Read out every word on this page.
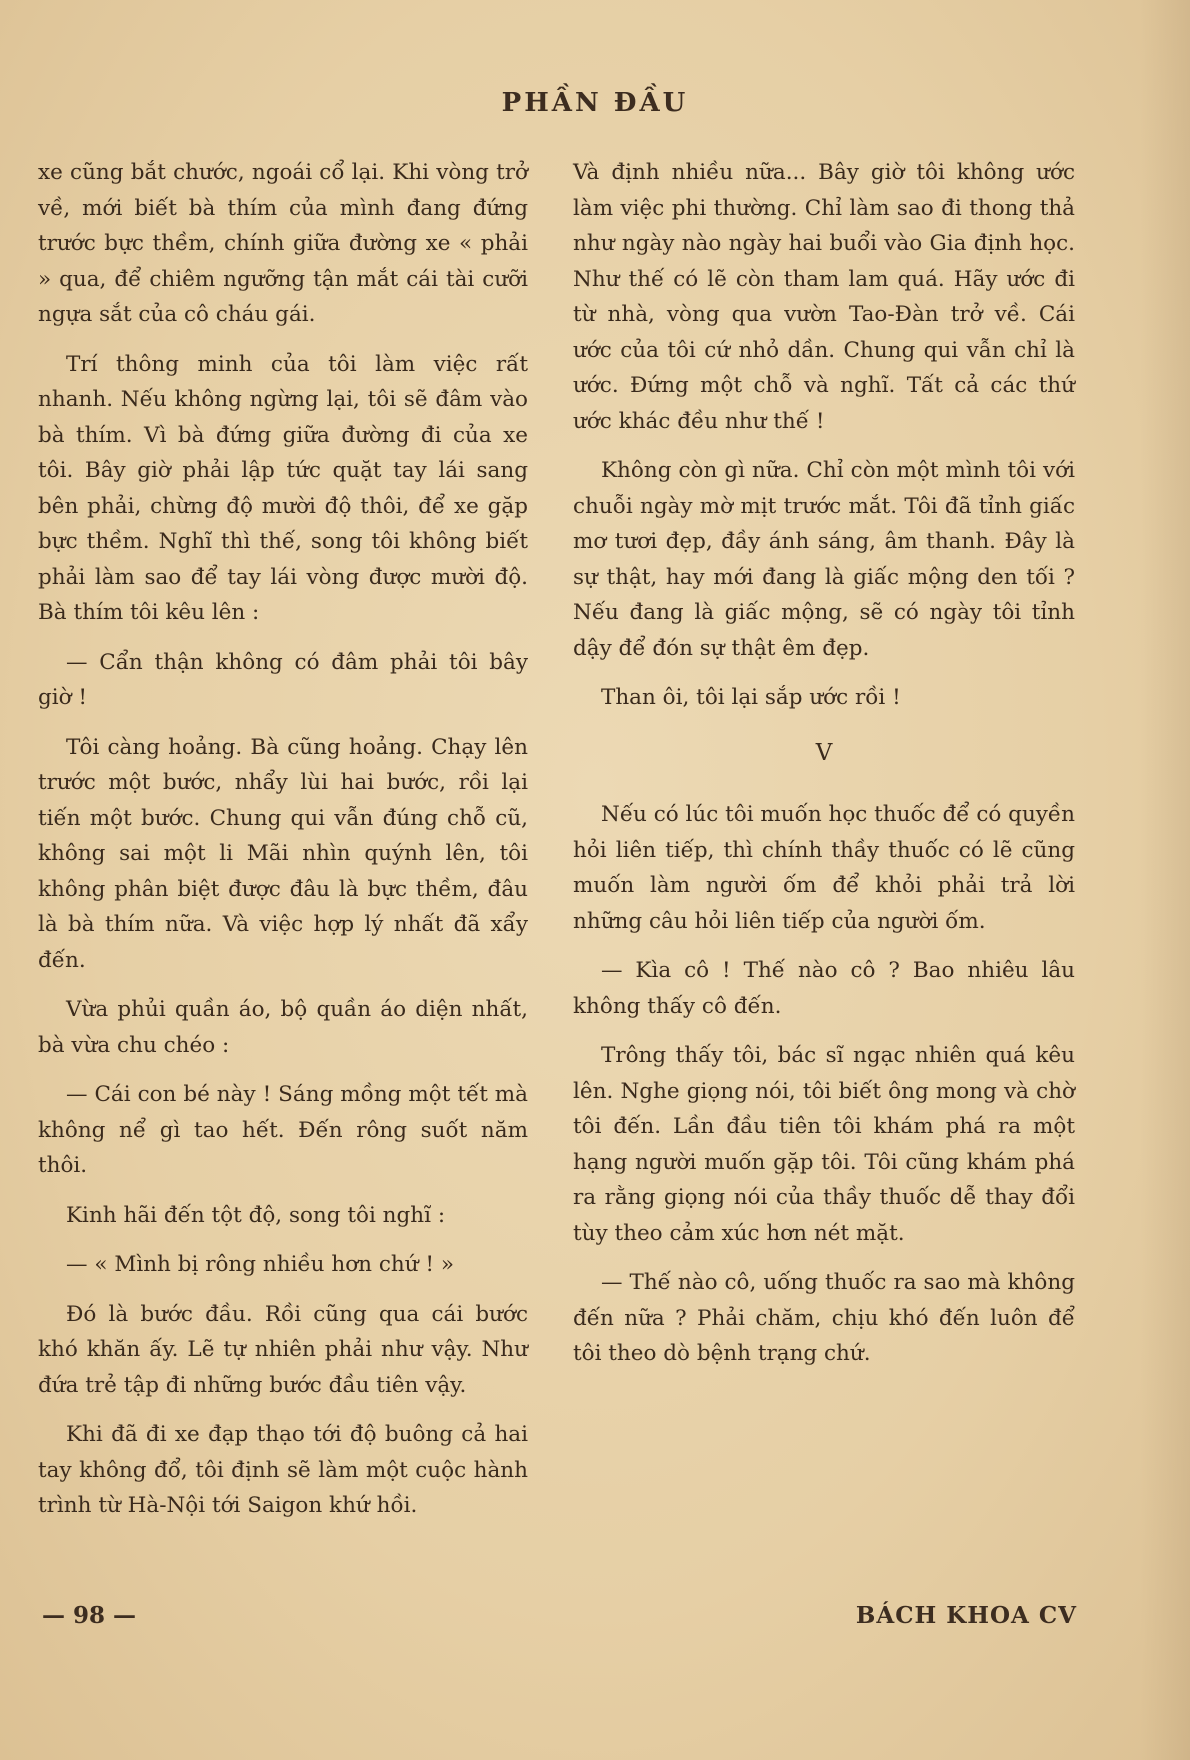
PHẦN ĐẦU

xe cũng bắt chước, ngoái cổ lại. Khi vòng trở về, mới biết bà thím của mình đang đứng trước bực thềm, chính giữa đường xe « phải » qua, để chiêm ngưỡng tận mắt cái tài cưỡi ngựa sắt của cô cháu gái.

Trí thông minh của tôi làm việc rất nhanh. Nếu không ngừng lại, tôi sẽ đâm vào bà thím. Vì bà đứng giữa đường đi của xe tôi. Bây giờ phải lập tức quặt tay lái sang bên phải, chừng độ mười độ thôi, để xe gặp bực thềm. Nghĩ thì thế, song tôi không biết phải làm sao để tay lái vòng được mười độ. Bà thím tôi kêu lên :

— Cẩn thận không có đâm phải tôi bây giờ !

Tôi càng hoảng. Bà cũng hoảng. Chạy lên trước một bước, nhẩy lùi hai bước, rồi lại tiến một bước. Chung qui vẫn đúng chỗ cũ, không sai một li Mãi nhìn quýnh lên, tôi không phân biệt được đâu là bực thềm, đâu là bà thím nữa. Và việc hợp lý nhất đã xẩy đến.

Vừa phủi quần áo, bộ quần áo diện nhất, bà vừa chu chéo :

— Cái con bé này ! Sáng mồng một tết mà không nể gì tao hết. Đến rông suốt năm thôi.

Kinh hãi đến tột độ, song tôi nghĩ :

— « Mình bị rông nhiều hơn chứ ! »

Đó là bước đầu. Rồi cũng qua cái bước khó khăn ấy. Lẽ tự nhiên phải như vậy. Như đứa trẻ tập đi những bước đầu tiên vậy.

Khi đã đi xe đạp thạo tới độ buông cả hai tay không đổ, tôi định sẽ làm một cuộc hành trình từ Hà-Nội tới Saigon khứ hồi.

Và định nhiều nữa... Bây giờ tôi không ước làm việc phi thường. Chỉ làm sao đi thong thả như ngày nào ngày hai buổi vào Gia định học. Như thế có lẽ còn tham lam quá. Hãy ước đi từ nhà, vòng qua vườn Tao-Đàn trở về. Cái ước của tôi cứ nhỏ dần. Chung qui vẫn chỉ là ước. Đứng một chỗ và nghĩ. Tất cả các thứ ước khác đều như thế !

Không còn gì nữa. Chỉ còn một mình tôi với chuỗi ngày mờ mịt trước mắt. Tôi đã tỉnh giấc mơ tươi đẹp, đầy ánh sáng, âm thanh. Đây là sự thật, hay mới đang là giấc mộng den tối ? Nếu đang là giấc mộng, sẽ có ngày tôi tỉnh dậy để đón sự thật êm đẹp.

Than ôi, tôi lại sắp ước rồi !

V

Nếu có lúc tôi muốn học thuốc để có quyền hỏi liên tiếp, thì chính thầy thuốc có lẽ cũng muốn làm người ốm để khỏi phải trả lời những câu hỏi liên tiếp của người ốm.

— Kìa cô ! Thế nào cô ? Bao nhiêu lâu không thấy cô đến.

Trông thấy tôi, bác sĩ ngạc nhiên quá kêu lên. Nghe giọng nói, tôi biết ông mong và chờ tôi đến. Lần đầu tiên tôi khám phá ra một hạng người muốn gặp tôi. Tôi cũng khám phá ra rằng giọng nói của thầy thuốc dễ thay đổi tùy theo cảm xúc hơn nét mặt.

— Thế nào cô, uống thuốc ra sao mà không đến nữa ? Phải chăm, chịu khó đến luôn để tôi theo dò bệnh trạng chứ.

— 98 —	BÁCH KHOA CV
